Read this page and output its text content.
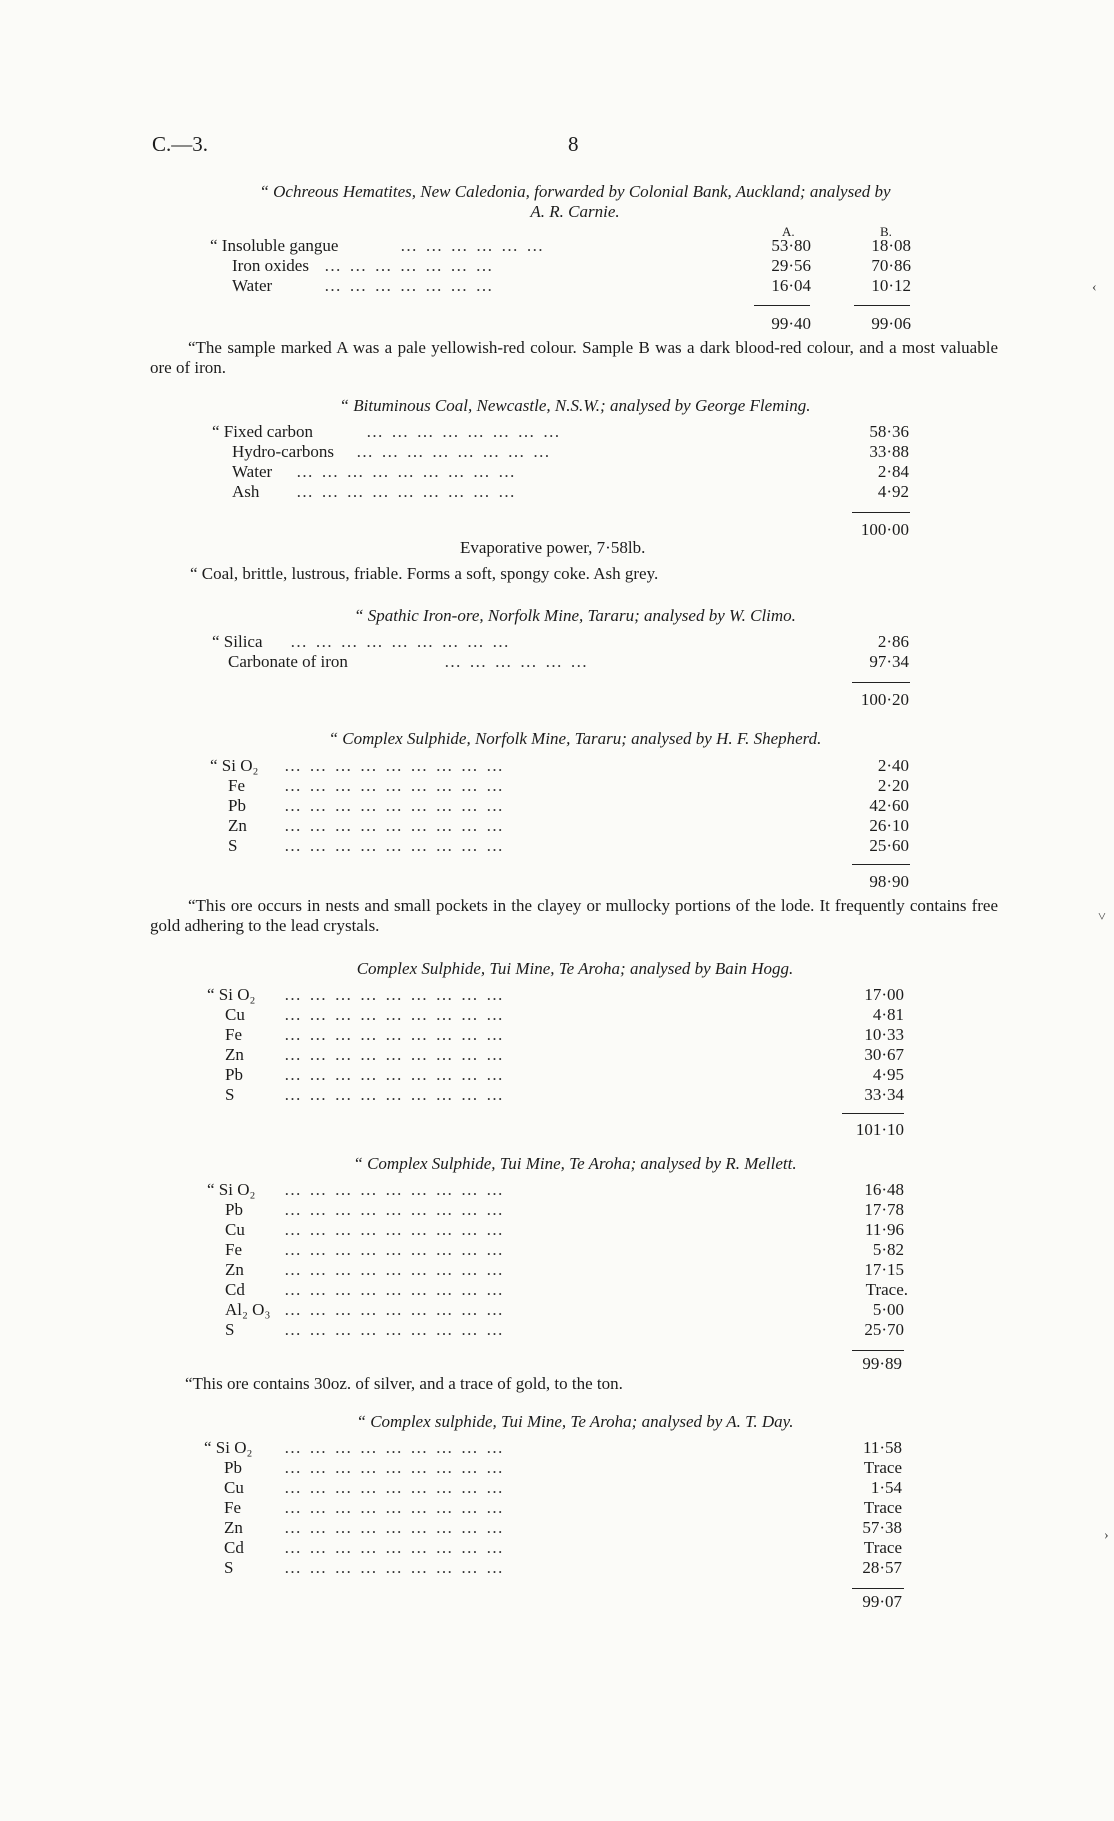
C.—3.	8
“ Ochreous Hematites, New Caledonia, forwarded by Colonial Bank, Auckland; analysed by
A. R. Carnie.
A.	B.
“ Insoluble gangue	… … … … … …	53·80	18·08
Iron oxides … … … … … … …	29·56	70·86
Water	… … … … … … …	16·04	10·12
99·40	99·06
“The sample marked A was a pale yellowish-red colour. Sample B was a dark blood-red colour, and a most valuable ore of iron.
“ Bituminous Coal, Newcastle, N.S.W.; analysed by George Fleming.
“ Fixed carbon	… … … … … … … …	58·36
Hydro-carbons … … … … … … … …	33·88
Water … … … … … … … … …	2·84
Ash … … … … … … … … …	4·92
100·00
Evaporative power, 7·58lb.
“ Coal, brittle, lustrous, friable. Forms a soft, spongy coke. Ash grey.
“ Spathic Iron-ore, Norfolk Mine, Tararu; analysed by W. Climo.
“ Silica … … … … … … … … …	2·86
Carbonate of iron	… … … … … …	97·34
100·20
“ Complex Sulphide, Norfolk Mine, Tararu; analysed by H. F. Shepherd.
“ Si O₂ … … … … … … … … …	2·40
Fe … … … … … … … … …	2·20
Pb … … … … … … … … …	42·60
Zn … … … … … … … … …	26·10
S	… … … … … … … … …	25·60
98·90
“This ore occurs in nests and small pockets in the clayey or mullocky portions of the lode. It frequently contains free gold adhering to the lead crystals.
Complex Sulphide, Tui Mine, Te Aroha; analysed by Bain Hogg.
“ Si O₂ … … … … … … … … …	17·00
Cu … … … … … … … … …	4·81
Fe … … … … … … … … …	10·33
Zn … … … … … … … … …	30·67
Pb … … … … … … … … …	4·95
S	… … … … … … … … …	33·34
101·10
“ Complex Sulphide, Tui Mine, Te Aroha; analysed by R. Mellett.
“ Si O₂ … … … … … … … … …	16·48
Pb … … … … … … … … …	17·78
Cu … … … … … … … … …	11·96
Fe … … … … … … … … …	5·82
Zn … … … … … … … … …	17·15
Cd … … … … … … … … …	Trace.
Al₂ O₃ … … … … … … … … …	5·00
S	… … … … … … … … …	25·70
99·89
“This ore contains 30oz. of silver, and a trace of gold, to the ton.
“ Complex sulphide, Tui Mine, Te Aroha; analysed by A. T. Day.
“ Si O₂ … … … … … … … … …	11·58
Pb … … … … … … … … …	Trace
Cu … … … … … … … … …	1·54
Fe	… … … … … … … … …	Trace
Zn … … … … … … … … …	57·38
Cd … … … … … … … … …	Trace
S	… … … … … … … … …	28·57
99·07
‹
˅
›
